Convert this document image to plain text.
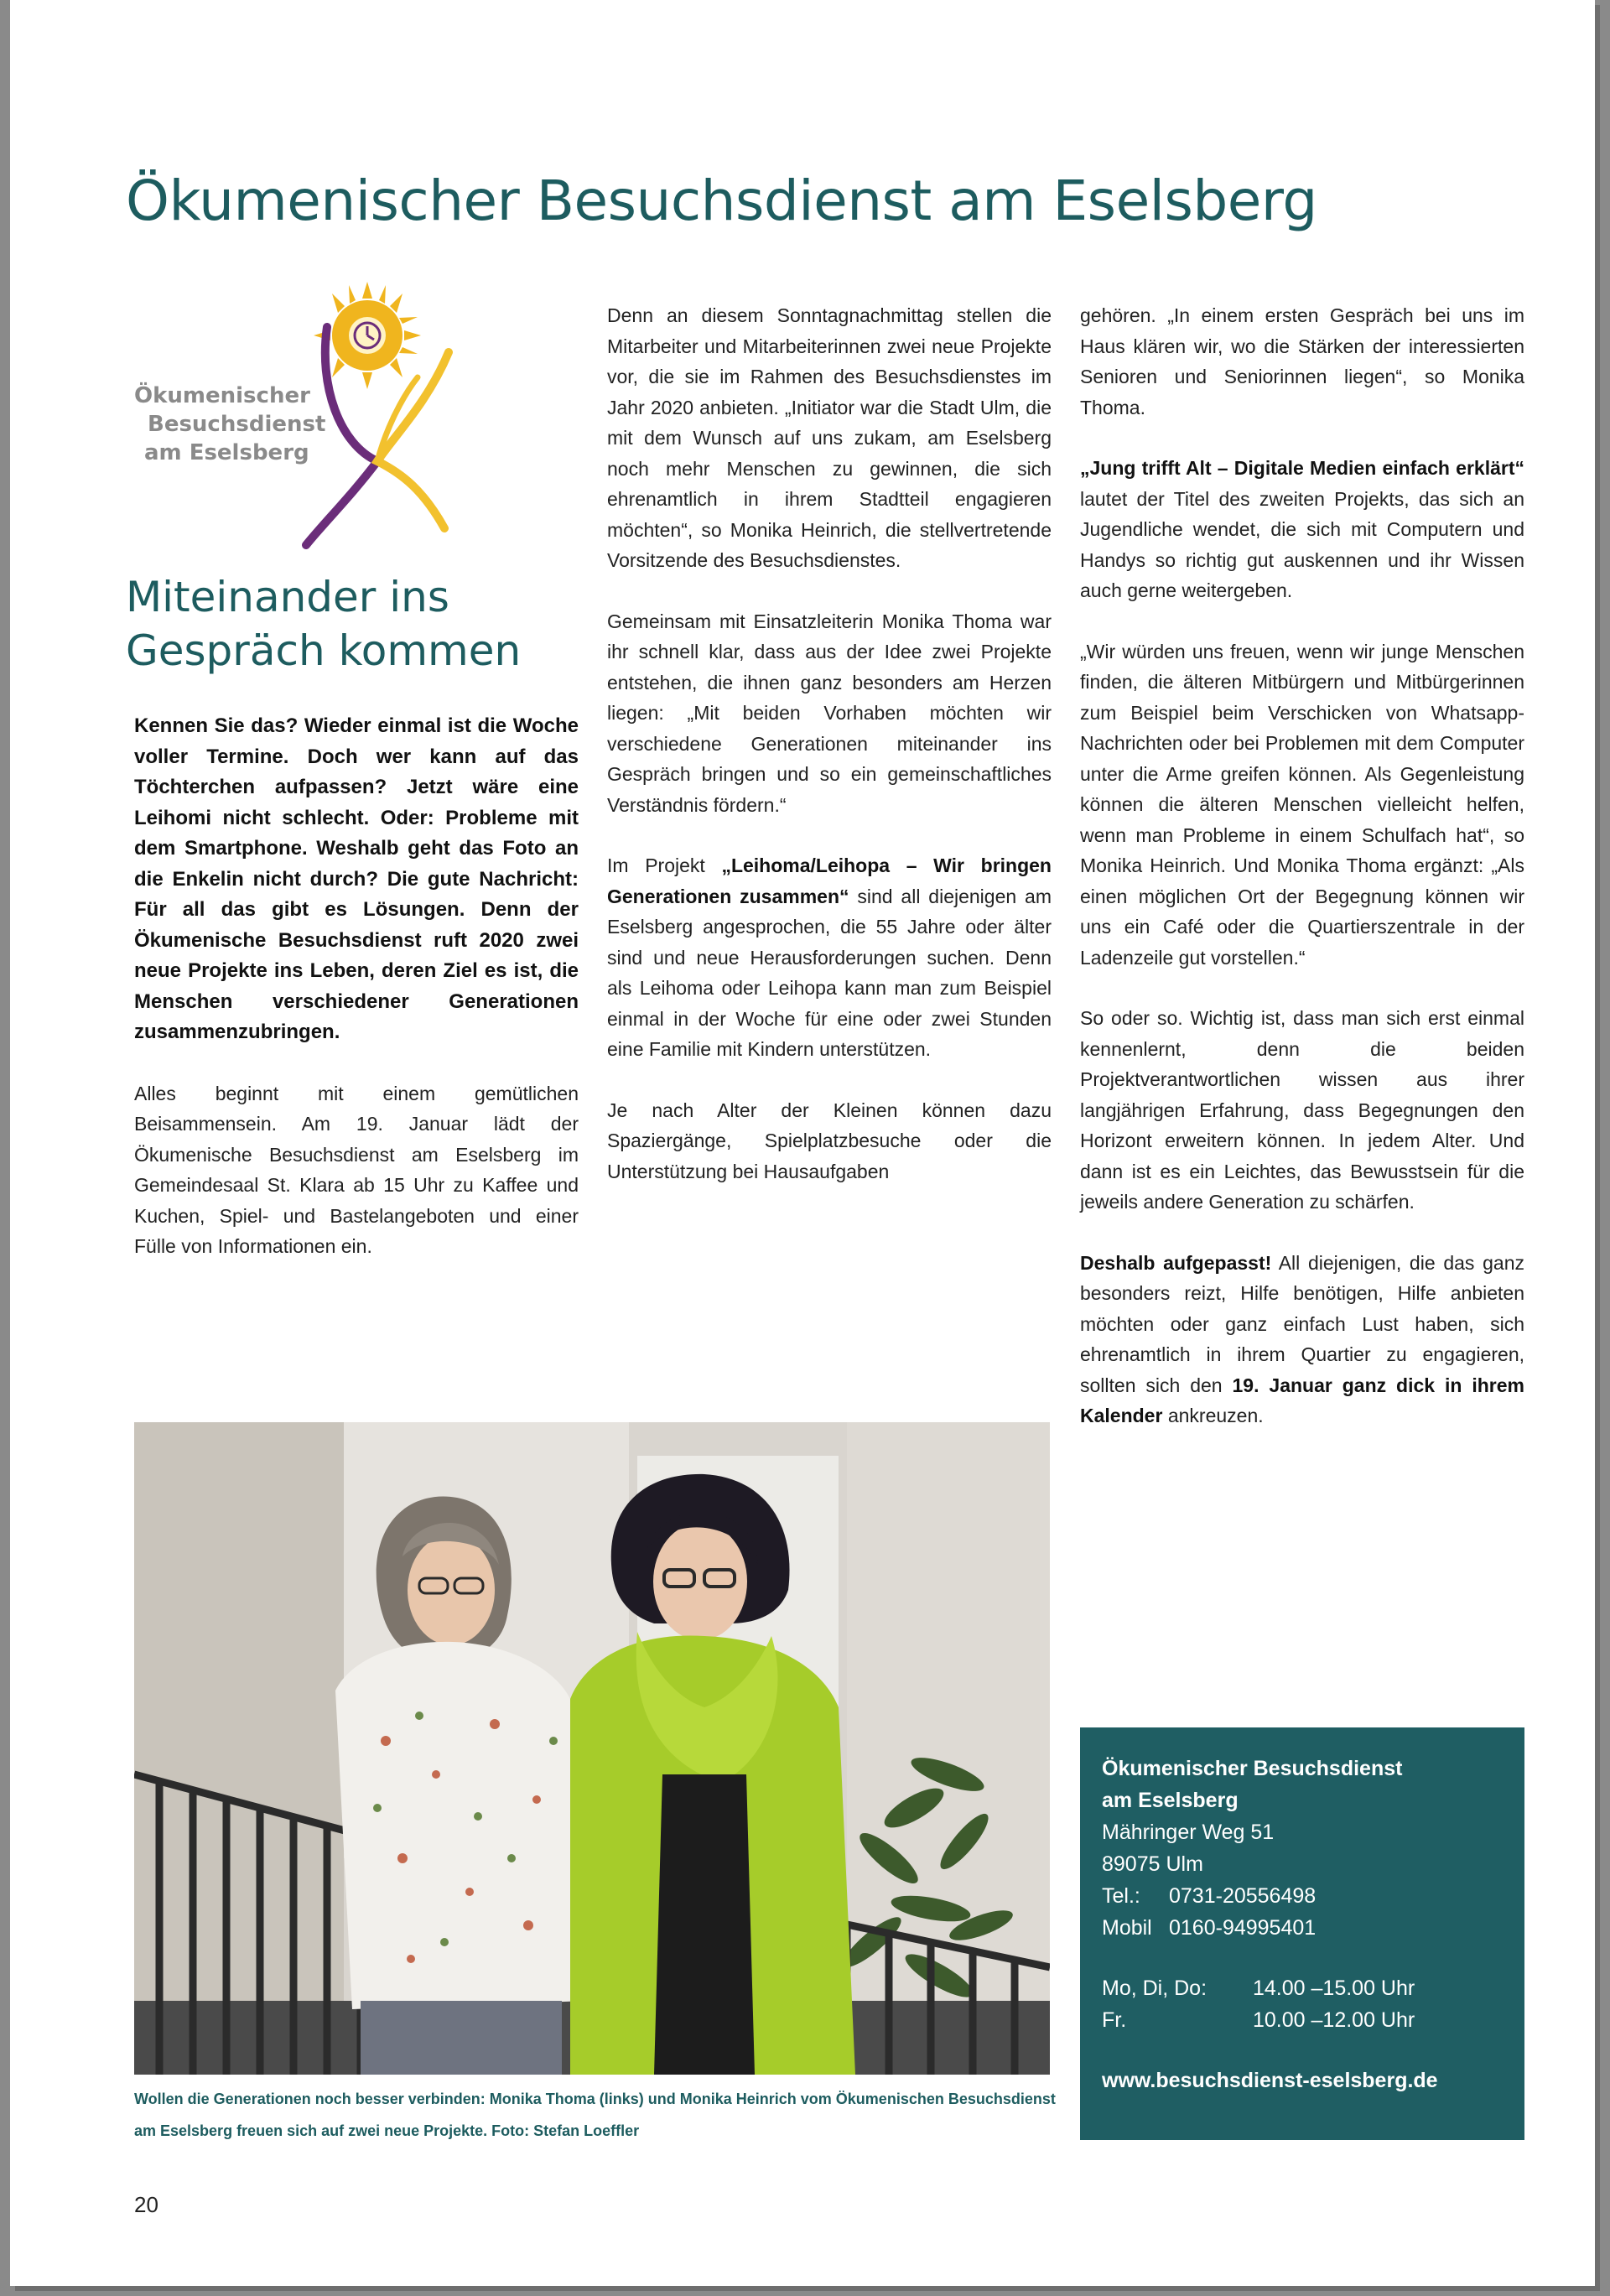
Ökumenischer Besuchsdienst am Eselsberg
Ökumenischer
Besuchsdienst
am Eselsberg
Miteinander ins
Gespräch kommen

Kennen Sie das? Wieder einmal ist die Woche voller Termine. Doch wer kann auf das Töchterchen aufpassen? Jetzt wäre eine Leihomi nicht schlecht. Oder: Probleme mit dem Smartphone. Weshalb geht das Foto an die Enkelin nicht durch? Die gute Nachricht: Für all das gibt es Lösungen. Denn der Ökumenische Besuchsdienst ruft 2020 zwei neue Projekte ins Leben, deren Ziel es ist, die Menschen verschiedener Generationen zusammenzubringen.

Alles beginnt mit einem gemütlichen Beisammensein. Am 19. Januar lädt der Ökumenische Besuchsdienst am Eselsberg im Gemeindesaal St. Klara ab 15 Uhr zu Kaffee und Kuchen, Spiel- und Bastelangeboten und einer Fülle von Informationen ein.

Denn an diesem Sonntagnachmittag stellen die Mitarbeiter und Mitarbeiterinnen zwei neue Projekte vor, die sie im Rahmen des Besuchsdienstes im Jahr 2020 anbieten. „Initiator war die Stadt Ulm, die mit dem Wunsch auf uns zukam, am Eselsberg noch mehr Menschen zu gewinnen, die sich ehrenamtlich in ihrem Stadtteil engagieren möchten“, so Monika Heinrich, die stellvertretende Vorsitzende des Besuchsdienstes.

Gemeinsam mit Einsatzleiterin Monika Thoma war ihr schnell klar, dass aus der Idee zwei Projekte entstehen, die ihnen ganz besonders am Herzen liegen: „Mit beiden Vorhaben möchten wir verschiedene Generationen miteinander ins Gespräch bringen und so ein gemeinschaftliches Verständnis fördern.“

Im Projekt „Leihoma/Leihopa – Wir bringen Generationen zusammen“ sind all diejenigen am Eselsberg angesprochen, die 55 Jahre oder älter sind und neue Herausforderungen suchen. Denn als Leihoma oder Leihopa kann man zum Beispiel einmal in der Woche für eine oder zwei Stunden eine Familie mit Kindern unterstützen.

Je nach Alter der Kleinen können dazu Spaziergänge, Spielplatzbesuche oder die Unterstützung bei Hausaufgaben

gehören. „In einem ersten Gespräch bei uns im Haus klären wir, wo die Stärken der interessierten Senioren und Seniorinnen liegen“, so Monika Thoma.

„Jung trifft Alt – Digitale Medien einfach erklärt“ lautet der Titel des zweiten Projekts, das sich an Jugendliche wendet, die sich mit Computern und Handys so richtig gut auskennen und ihr Wissen auch gerne weitergeben.

„Wir würden uns freuen, wenn wir junge Menschen finden, die älteren Mitbürgern und Mitbürgerinnen zum Beispiel beim Verschicken von Whatsapp-Nachrichten oder bei Problemen mit dem Computer unter die Arme greifen können. Als Gegenleistung können die älteren Menschen vielleicht helfen, wenn man Probleme in einem Schulfach hat“, so Monika Heinrich. Und Monika Thoma ergänzt: „Als einen möglichen Ort der Begegnung können wir uns ein Café oder die Quartierszentrale in der Ladenzeile gut vorstellen.“

So oder so. Wichtig ist, dass man sich erst einmal kennenlernt, denn die beiden Projektverantwortlichen wissen aus ihrer langjährigen Erfahrung, dass Begegnungen den Horizont erweitern können. In jedem Alter. Und dann ist es ein Leichtes, das Bewusstsein für die jeweils andere Generation zu schärfen.

Deshalb aufgepasst! All diejenigen, die das ganz besonders reizt, Hilfe benötigen, Hilfe anbieten möchten oder ganz einfach Lust haben, sich ehrenamtlich in ihrem Quartier zu engagieren, sollten sich den 19. Januar ganz dick in ihrem Kalender ankreuzen.

Wollen die Generationen noch besser verbinden: Monika Thoma (links) und Monika Heinrich vom Ökumenischen Besuchsdienst am Eselsberg freuen sich auf zwei neue Projekte. Foto: Stefan Loeffler
Ökumenischer Besuchsdienst
am Eselsberg
Mähringer Weg 51
89075 Ulm
Tel.:	0731-20556498
Mobil 0160-94995401
Mo, Di, Do:	14.00 –15.00 Uhr
Fr.	10.00 –12.00 Uhr
www.besuchsdienst-eselsberg.de
20
